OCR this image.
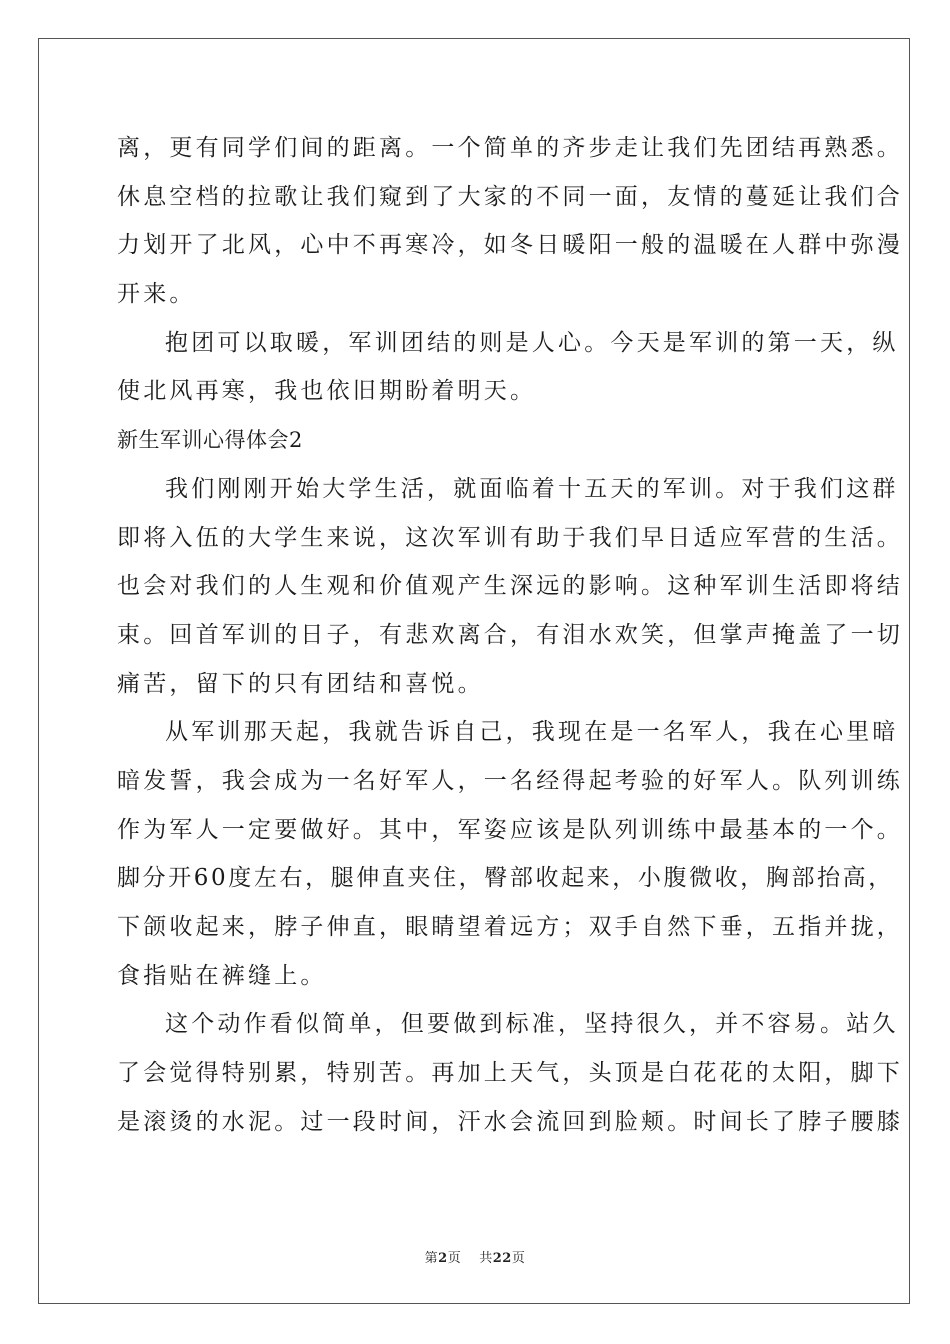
离，更有同学们间的距离。一个简单的齐步走让我们先团结再熟悉。
休息空档的拉歌让我们窥到了大家的不同一面，友情的蔓延让我们合
力划开了北风，心中不再寒冷，如冬日暖阳一般的温暖在人群中弥漫
开来。
抱团可以取暖，军训团结的则是人心。今天是军训的第一天，纵
使北风再寒，我也依旧期盼着明天。
新生军训心得体会2
我们刚刚开始大学生活，就面临着十五天的军训。对于我们这群
即将入伍的大学生来说，这次军训有助于我们早日适应军营的生活。
也会对我们的人生观和价值观产生深远的影响。这种军训生活即将结
束。回首军训的日子，有悲欢离合，有泪水欢笑，但掌声掩盖了一切
痛苦，留下的只有团结和喜悦。
从军训那天起，我就告诉自己，我现在是一名军人，我在心里暗
暗发誓，我会成为一名好军人，一名经得起考验的好军人。队列训练
作为军人一定要做好。其中，军姿应该是队列训练中最基本的一个。
脚分开60度左右，腿伸直夹住，臀部收起来，小腹微收，胸部抬高，
下颌收起来，脖子伸直，眼睛望着远方；双手自然下垂，五指并拢，
食指贴在裤缝上。
这个动作看似简单，但要做到标准，坚持很久，并不容易。站久
了会觉得特别累，特别苦。再加上天气，头顶是白花花的太阳，脚下
是滚烫的水泥。过一段时间，汗水会流回到脸颊。时间长了脖子腰膝
第2页 共22页
